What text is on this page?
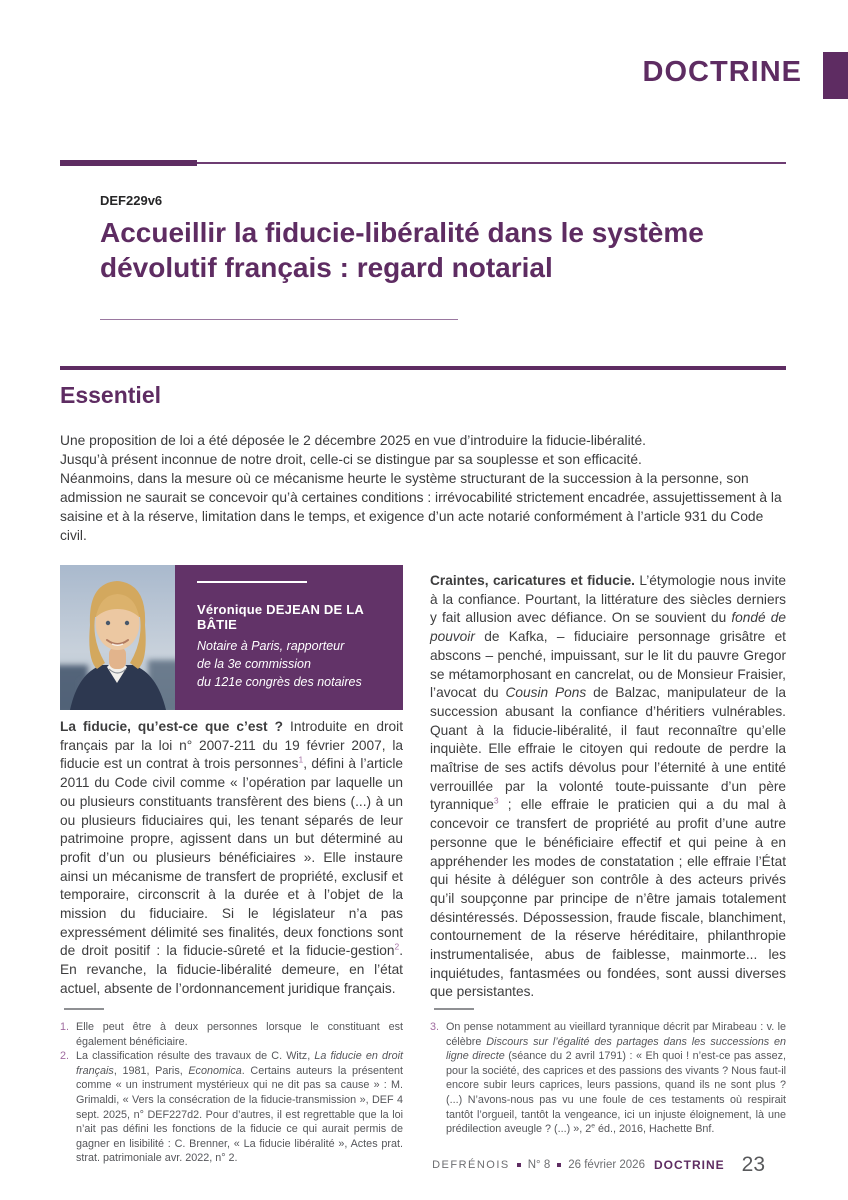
DOCTRINE
DEF229v6
Accueillir la fiducie-libéralité dans le système dévolutif français : regard notarial
Essentiel

Une proposition de loi a été déposée le 2 décembre 2025 en vue d’introduire la fiducie-libéralité.

Jusqu’à présent inconnue de notre droit, celle-ci se distingue par sa souplesse et son efficacité.

Néanmoins, dans la mesure où ce mécanisme heurte le système structurant de la succession à la personne, son admission ne saurait se concevoir qu’à certaines conditions : irrévocabilité strictement encadrée, assujettissement à la saisine et à la réserve, limitation dans le temps, et exigence d’un acte notarié conformément à l’article 931 du Code civil.

Véronique DEJEAN DE LA BÂTIE
Notaire à Paris, rapporteur
de la 3e commission
du 121e congrès des notaires

La fiducie, qu’est-ce que c’est ? Introduite en droit français par la loi n° 2007-211 du 19 février 2007, la fiducie est un contrat à trois personnes$^1$, défini à l’article 2011 du Code civil comme « l’opération par laquelle un ou plusieurs constituants transfèrent des biens (...) à un ou plusieurs fiduciaires qui, les tenant séparés de leur patrimoine propre, agissent dans un but déterminé au profit d’un ou plusieurs bénéficiaires ». Elle instaure ainsi un mécanisme de transfert de propriété, exclusif et temporaire, circonscrit à la durée et à l’objet de la mission du fiduciaire. Si le législateur n’a pas expressément délimité ses finalités, deux fonctions sont de droit positif : la fiducie-sûreté et la fiducie-gestion$^2$. En revanche, la fiducie-libéralité demeure, en l’état actuel, absente de l’ordonnancement juridique français.

Craintes, caricatures et fiducie. L’étymologie nous invite à la confiance. Pourtant, la littérature des siècles derniers y fait allusion avec défiance. On se souvient du fondé de pouvoir de Kafka, – fiduciaire personnage grisâtre et abscons – penché, impuissant, sur le lit du pauvre Gregor se métamorphosant en cancrelat, ou de Monsieur Fraisier, l’avocat du Cousin Pons de Balzac, manipulateur de la succession abusant la confiance d’héritiers vulnérables. Quant à la fiducie-libéralité, il faut reconnaître qu’elle inquiète. Elle effraie le citoyen qui redoute de perdre la maîtrise de ses actifs dévolus pour l’éternité à une entité verrouillée par la volonté toute-puissante d’un père tyrannique$^3$ ; elle effraie le praticien qui a du mal à concevoir ce transfert de propriété au profit d’une autre personne que le bénéficiaire effectif et qui peine à en appréhender les modes de constatation ; elle effraie l’État qui hésite à déléguer son contrôle à des acteurs privés qu’il soupçonne par principe de n’être jamais totalement désintéressés. Dépossession, fraude fiscale, blanchiment, contournement de la réserve héréditaire, philanthropie instrumentalisée, abus de faiblesse, mainmorte... les inquiétudes, fantasmées ou fondées, sont aussi diverses que persistantes.

1. Elle peut être à deux personnes lorsque le constituant est également bénéficiaire.
2. La classification résulte des travaux de C. Witz, La fiducie en droit français, 1981, Paris, Economica. Certains auteurs la présentent comme « un instrument mystérieux qui ne dit pas sa cause » : M. Grimaldi, « Vers la consécration de la fiducie-transmission », DEF 4 sept. 2025, n° DEF227d2. Pour d’autres, il est regrettable que la loi n’ait pas défini les fonctions de la fiducie ce qui aurait permis de gagner en lisibilité : C. Brenner, « La fiducie libéralité », Actes prat. strat. patrimoniale avr. 2022, n° 2.
3. On pense notamment au vieillard tyrannique décrit par Mirabeau : v. le célèbre Discours sur l’égalité des partages dans les successions en ligne directe (séance du 2 avril 1791) : « Eh quoi ! n’est-ce pas assez, pour la société, des caprices et des passions des vivants ? Nous faut-il encore subir leurs caprices, leurs passions, quand ils ne sont plus ? (...) N’avons-nous pas vu une foule de ces testaments où respirait tantôt l’orgueil, tantôt la vengeance, ici un injuste éloignement, là une prédilection aveugle ? (...) », 2e éd., 2016, Hachette Bnf.
DEFRÉNOIS N° 8 26 février 2026 DOCTRINE 23
